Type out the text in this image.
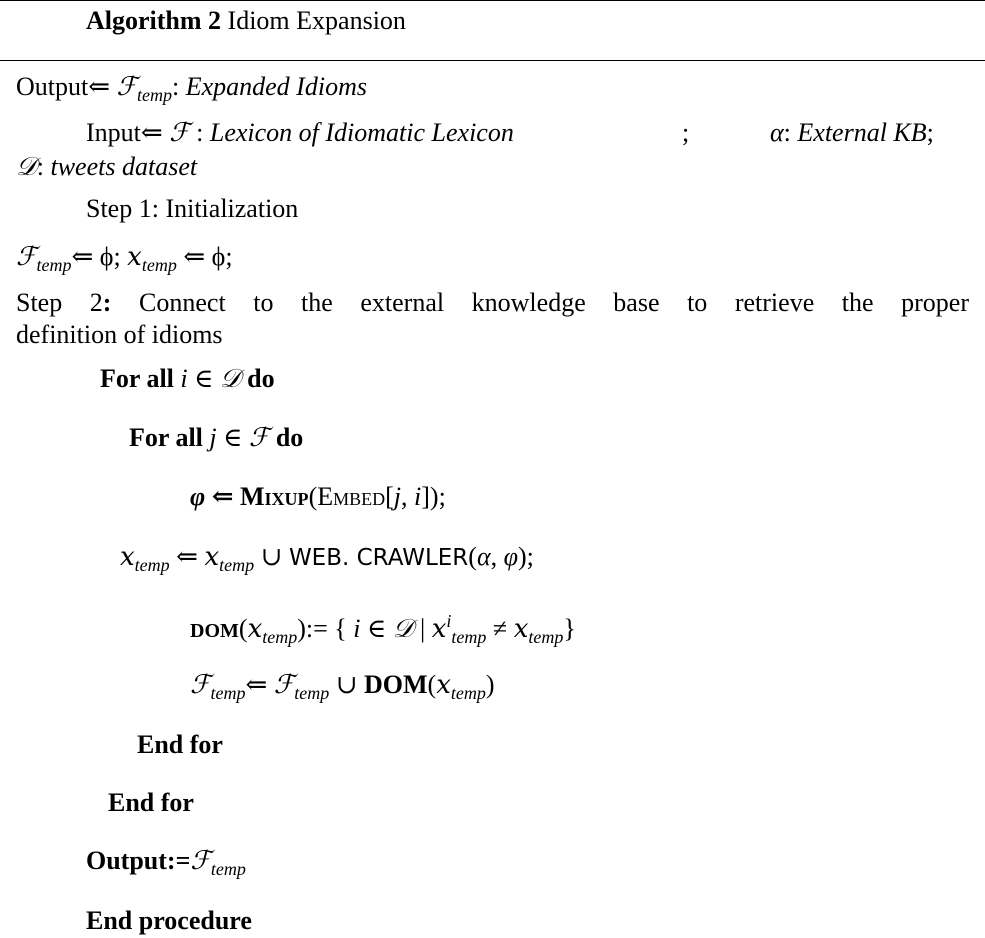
Algorithm 2 Idiom Expansion
Output⇐ ℱ$_{temp}$: Expanded Idioms
Input⇐ ℱ : Lexicon of Idiomatic Lexicon	;	α: External KB;
𝒟: tweets dataset
Step 1: Initialization
ℱ$_{temp}$⇐ ϕ; 𝑥$_{temp}$ ⇐ ϕ;
Step 2: Connect to the external knowledge base to retrieve the proper
definition of idioms
For all i ∈ 𝒟 do
For all j ∈ ℱ do
φ ⇐ Mixup(Embed[j, i]);
𝑥$_{temp}$ ⇐ 𝑥$_{temp}$ ∪ WEB. CRAWLER(α, φ);
DOM(𝑥$_{temp}$):= { i ∈ 𝒟 | 𝑥$^i_{temp}$ ≠ 𝑥$_{temp}$}
ℱ$_{temp}$⇐ ℱ$_{temp}$ ∪ DOM(𝑥$_{temp}$)
End for
End for
Output:=ℱ$_{temp}$
End procedure
